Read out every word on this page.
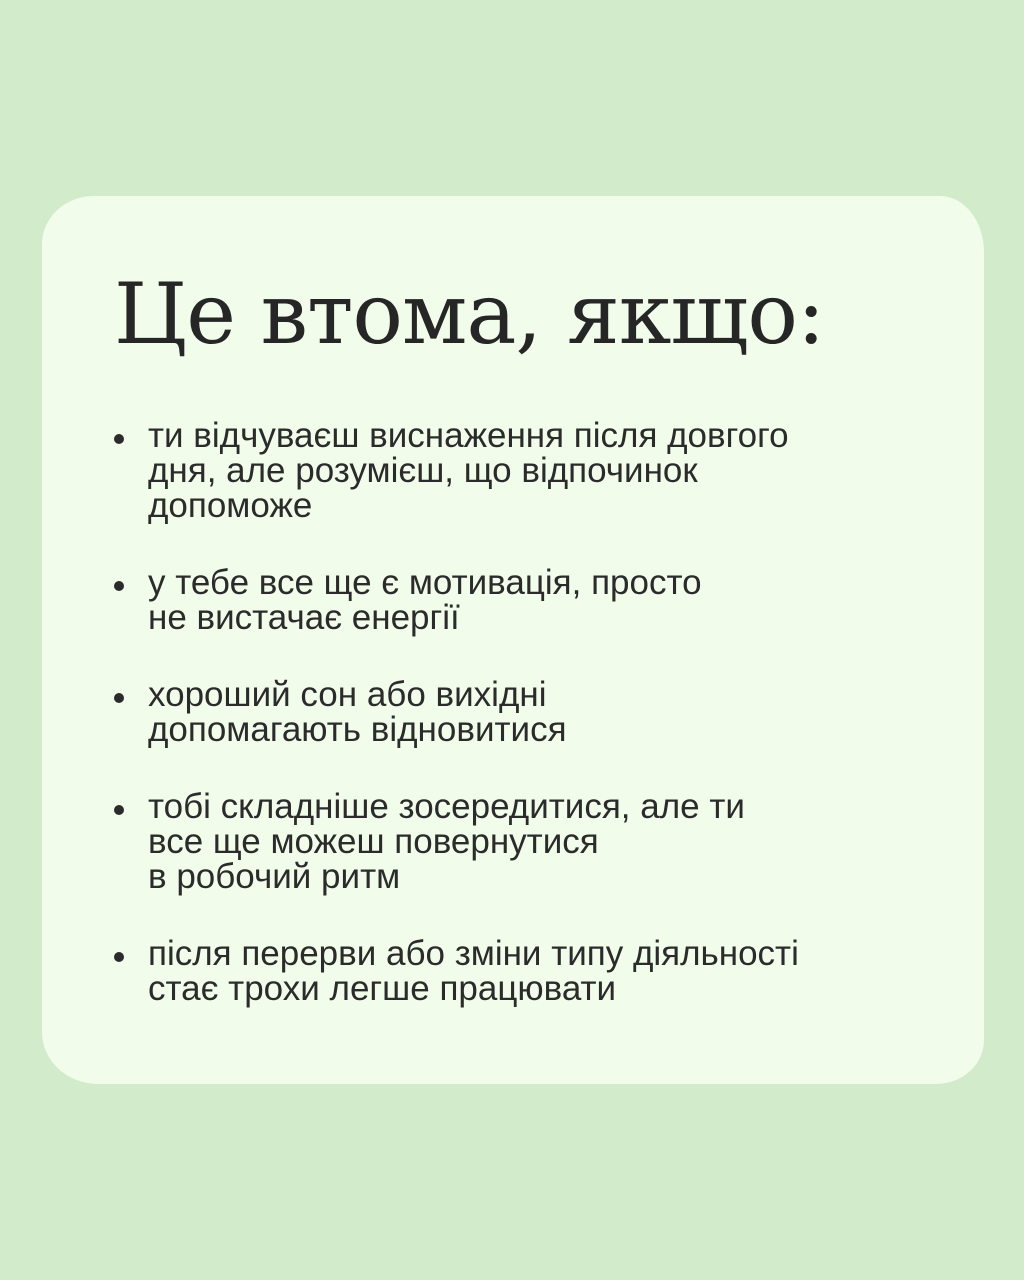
Це втома, якщо:
ти відчуваєш виснаження після довгого
дня, але розумієш, що відпочинок
допоможе
у тебе все ще є мотивація, просто
не вистачає енергії
хороший сон або вихідні
допомагають відновитися
тобі складніше зосередитися, але ти
все ще можеш повернутися
в робочий ритм
після перерви або зміни типу діяльності
стає трохи легше працювати
